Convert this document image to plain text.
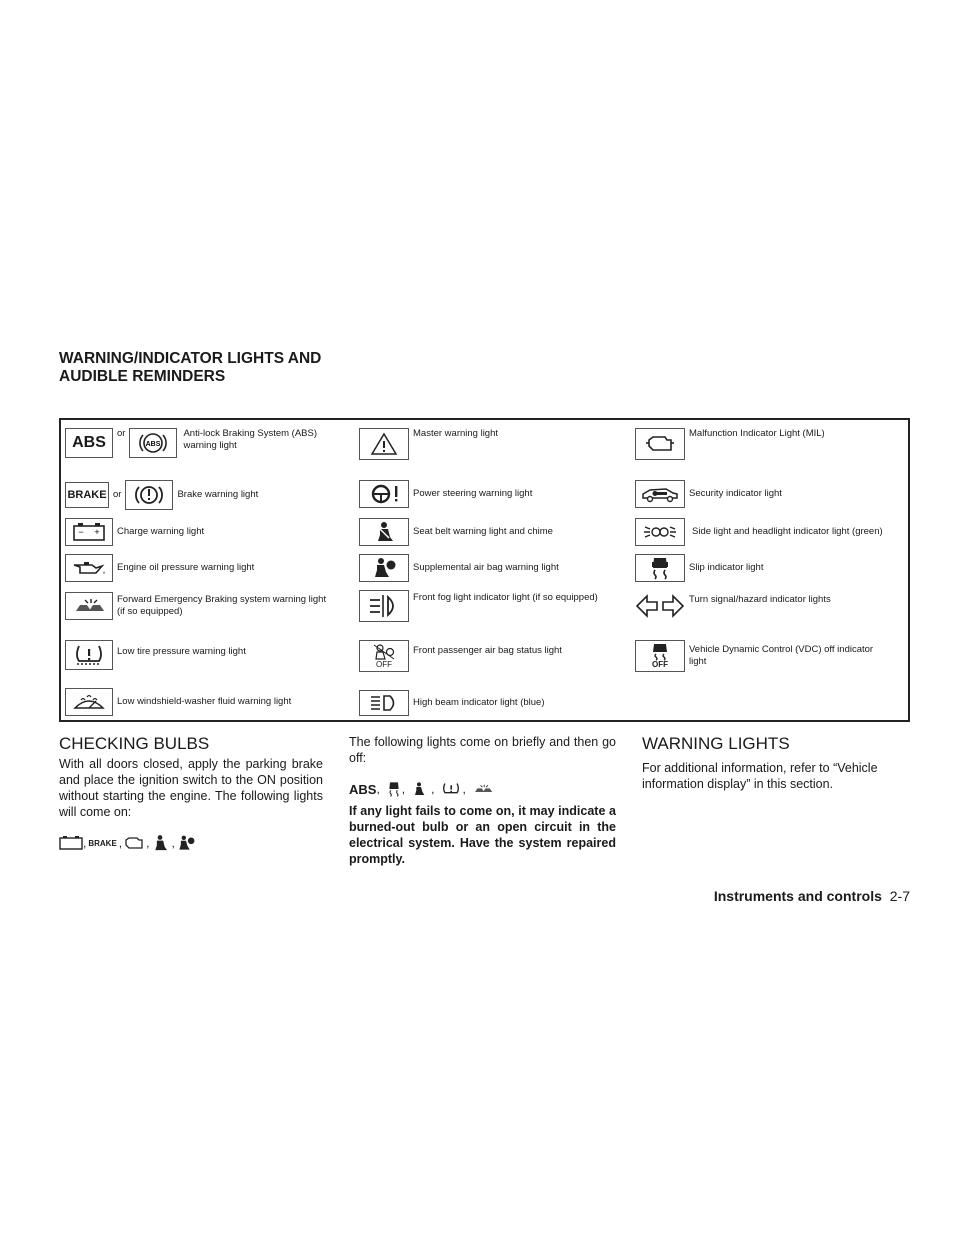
WARNING/INDICATOR LIGHTS AND
AUDIBLE REMINDERS
ABS
or
ABS
Anti-lock Braking System (ABS)
warning light
BRAKE or	Brake warning light
− +	Charge warning light
Engine oil pressure warning light
Forward Emergency Braking system warning light
(if so equipped)
Low tire pressure warning light
Low windshield-washer fluid warning light
Master warning light
Power steering warning light
Seat belt warning light and chime
Supplemental air bag warning light
Front fog light indicator light (if so equipped)
OFF
Front passenger air bag status light
High beam indicator light (blue)
Malfunction Indicator Light (MIL)
Security indicator light
Side light and headlight indicator light (green)
Slip indicator light
Turn signal/hazard indicator lights
OFF
Vehicle Dynamic Control (VDC) off indicator
light
CHECKING BULBS

With all doors closed, apply the parking brake and place the ignition switch to the ON position without starting the engine. The following lights will come on:

, BRAKE , , ,

The following lights come on briefly and then go off:

ABS , , , ,

If any light fails to come on, it may indicate a burned-out bulb or an open circuit in the electrical system. Have the system repaired promptly.

WARNING LIGHTS

For additional information, refer to “Vehicle information display” in this section.

Instruments and controls 2-7
